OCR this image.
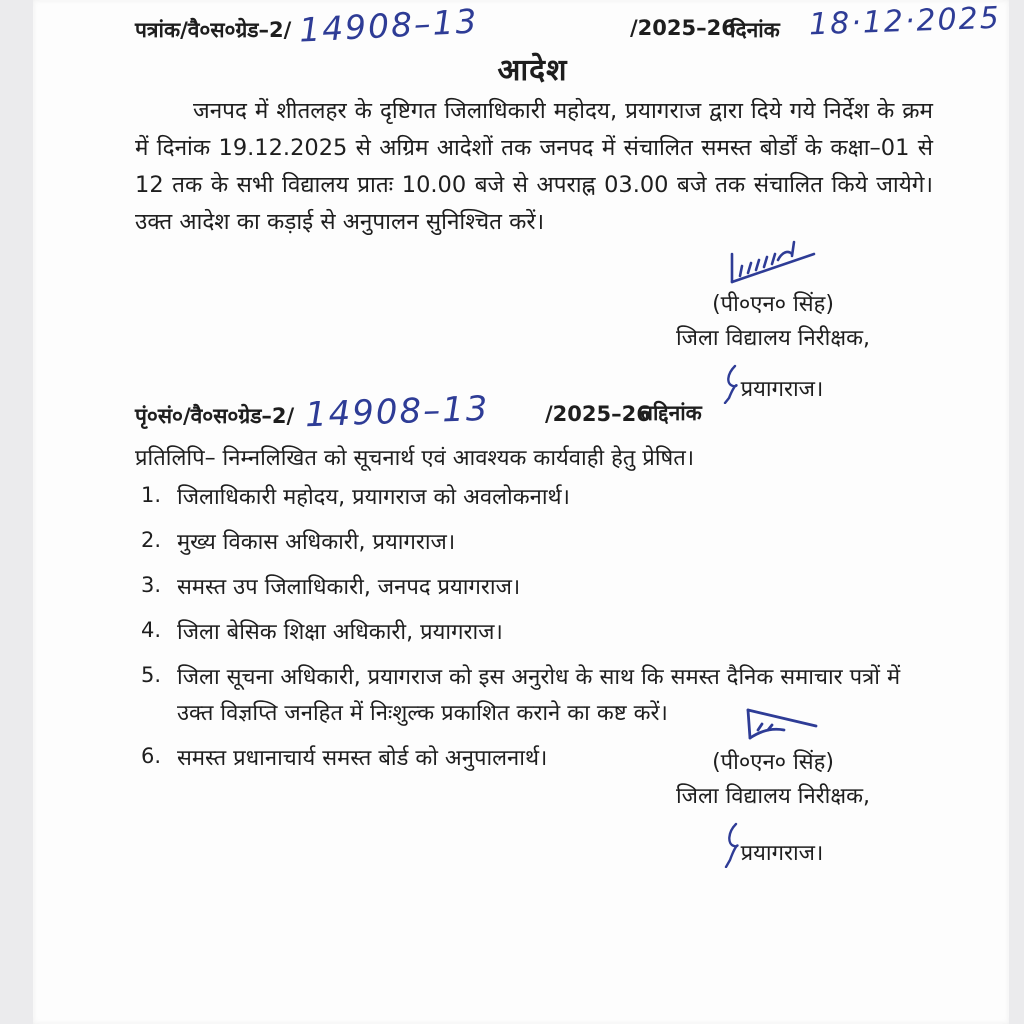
पत्रांक/वै०स०ग्रेड–2/ 14908–13	/2025–26
दिनांक 18·12·2025
आदेश

जनपद में शीतलहर के दृष्टिगत जिलाधिकारी महोदय, प्रयागराज द्वारा दिये गये निर्देश के क्रम में दिनांक 19.12.2025 से अग्रिम आदेशों तक जनपद में संचालित समस्त बोर्डों के कक्षा–01 से 12 तक के सभी विद्यालय प्रातः 10.00 बजे से अपराह्न 03.00 बजे तक संचालित किये जायेगे। उक्त आदेश का कड़ाई से अनुपालन सुनिश्चित करें।

(पी०एन० सिंह)
जिला विद्यालय निरीक्षक,
प्रयागराज।
पृं०सं०/वै०स०ग्रेड–2/ 14908–13	/2025–26
तद्दिनांक
प्रतिलिपि– निम्नलिखित को सूचनार्थ एवं आवश्यक कार्यवाही हेतु प्रेषित।
1. जिलाधिकारी महोदय, प्रयागराज को अवलोकनार्थ।
2. मुख्य विकास अधिकारी, प्रयागराज।
3. समस्त उप जिलाधिकारी, जनपद प्रयागराज।
4. जिला बेसिक शिक्षा अधिकारी, प्रयागराज।
5. जिला सूचना अधिकारी, प्रयागराज को इस अनुरोध के साथ कि समस्त दैनिक समाचार पत्रों में उक्त विज्ञप्ति जनहित में निःशुल्क प्रकाशित कराने का कष्ट करें।
6. समस्त प्रधानाचार्य समस्त बोर्ड को अनुपालनार्थ।	(पी०एन० सिंह)
जिला विद्यालय निरीक्षक,
प्रयागराज।
